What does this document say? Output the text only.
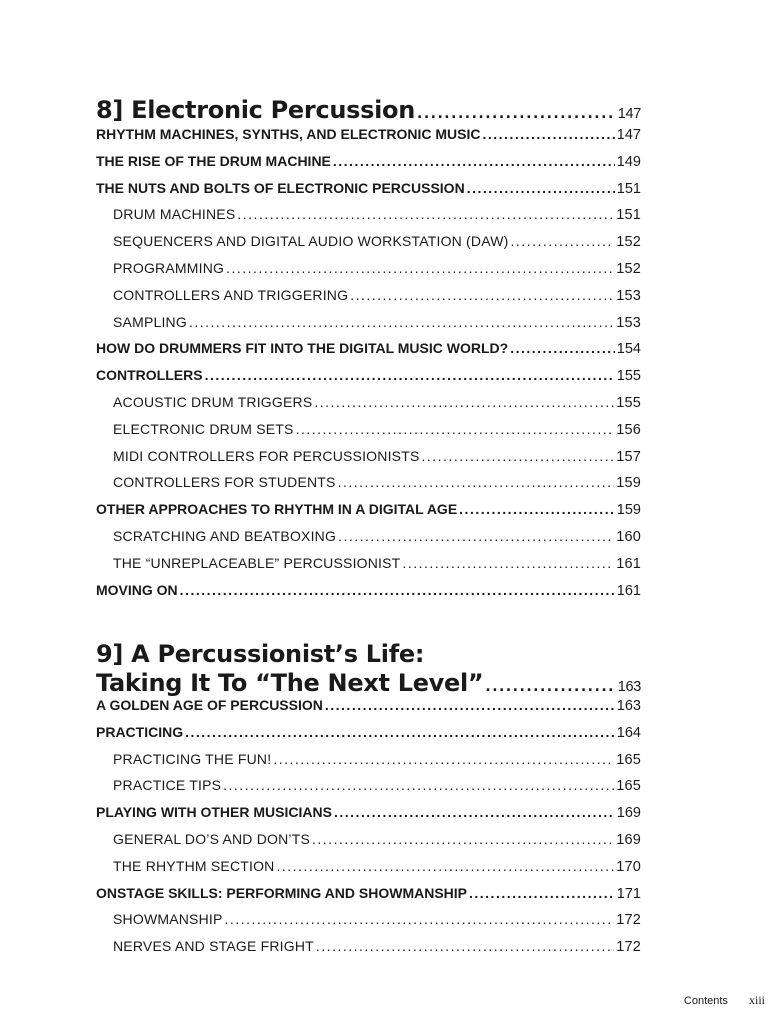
8] Electronic Percussion .....	147
RHYTHM MACHINES, SYNTHS, AND ELECTRONIC MUSIC .....	147
THE RISE OF THE DRUM MACHINE .....	149
THE NUTS AND BOLTS OF ELECTRONIC PERCUSSION .....	151
DRUM MACHINES .....	151
SEQUENCERS AND DIGITAL AUDIO WORKSTATION (DAW) .....	152
PROGRAMMING .....	152
CONTROLLERS AND TRIGGERING .....	153
SAMPLING .....	153
HOW DO DRUMMERS FIT INTO THE DIGITAL MUSIC WORLD? .....	154
CONTROLLERS .....	155
ACOUSTIC DRUM TRIGGERS .....	155
ELECTRONIC DRUM SETS .....	156
MIDI CONTROLLERS FOR PERCUSSIONISTS .....	157
CONTROLLERS FOR STUDENTS .....	159
OTHER APPROACHES TO RHYTHM IN A DIGITAL AGE .....	159
SCRATCHING AND BEATBOXING .....	160
THE “UNREPLACEABLE” PERCUSSIONIST .....	161
MOVING ON .....	161
9] A Percussionist’s Life:
Taking It To “The Next Level” .....	163
A GOLDEN AGE OF PERCUSSION .....	163
PRACTICING .....	164
PRACTICING THE FUN! .....	165
PRACTICE TIPS .....	165
PLAYING WITH OTHER MUSICIANS .....	169
GENERAL DO’S AND DON’TS .....	169
THE RHYTHM SECTION .....	170
ONSTAGE SKILLS: PERFORMING AND SHOWMANSHIP .....	171
SHOWMANSHIP .....	172
NERVES AND STAGE FRIGHT .....	172
Contents xiii
